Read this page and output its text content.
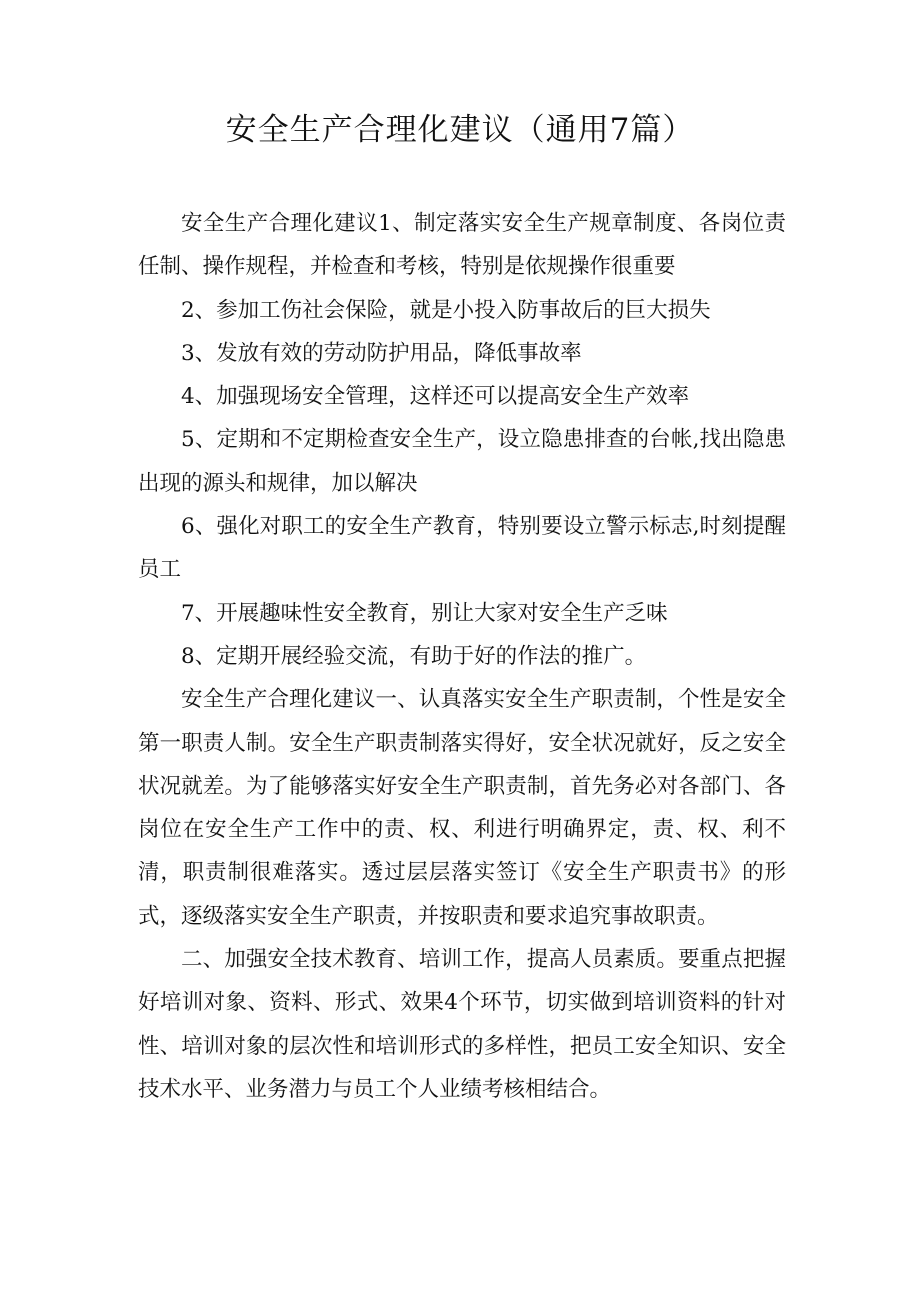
安全生产合理化建议（通用7篇）

安全生产合理化建议1、制定落实安全生产规章制度、各岗位责任制、操作规程，并检查和考核，特别是依规操作很重要

2、参加工伤社会保险，就是小投入防事故后的巨大损失

3、发放有效的劳动防护用品，降低事故率

4、加强现场安全管理，这样还可以提高安全生产效率

5、定期和不定期检查安全生产，设立隐患排查的台帐,找出隐患出现的源头和规律，加以解决

6、强化对职工的安全生产教育，特别要设立警示标志,时刻提醒员工

7、开展趣味性安全教育，别让大家对安全生产乏味

8、定期开展经验交流，有助于好的作法的推广。

安全生产合理化建议一、认真落实安全生产职责制，个性是安全第一职责人制。安全生产职责制落实得好，安全状况就好，反之安全状况就差。为了能够落实好安全生产职责制，首先务必对各部门、各岗位在安全生产工作中的责、权、利进行明确界定，责、权、利不清，职责制很难落实。透过层层落实签订《安全生产职责书》的形式，逐级落实安全生产职责，并按职责和要求追究事故职责。

二、加强安全技术教育、培训工作，提高人员素质。要重点把握好培训对象、资料、形式、效果4个环节，切实做到培训资料的针对性、培训对象的层次性和培训形式的多样性，把员工安全知识、安全技术水平、业务潜力与员工个人业绩考核相结合。
